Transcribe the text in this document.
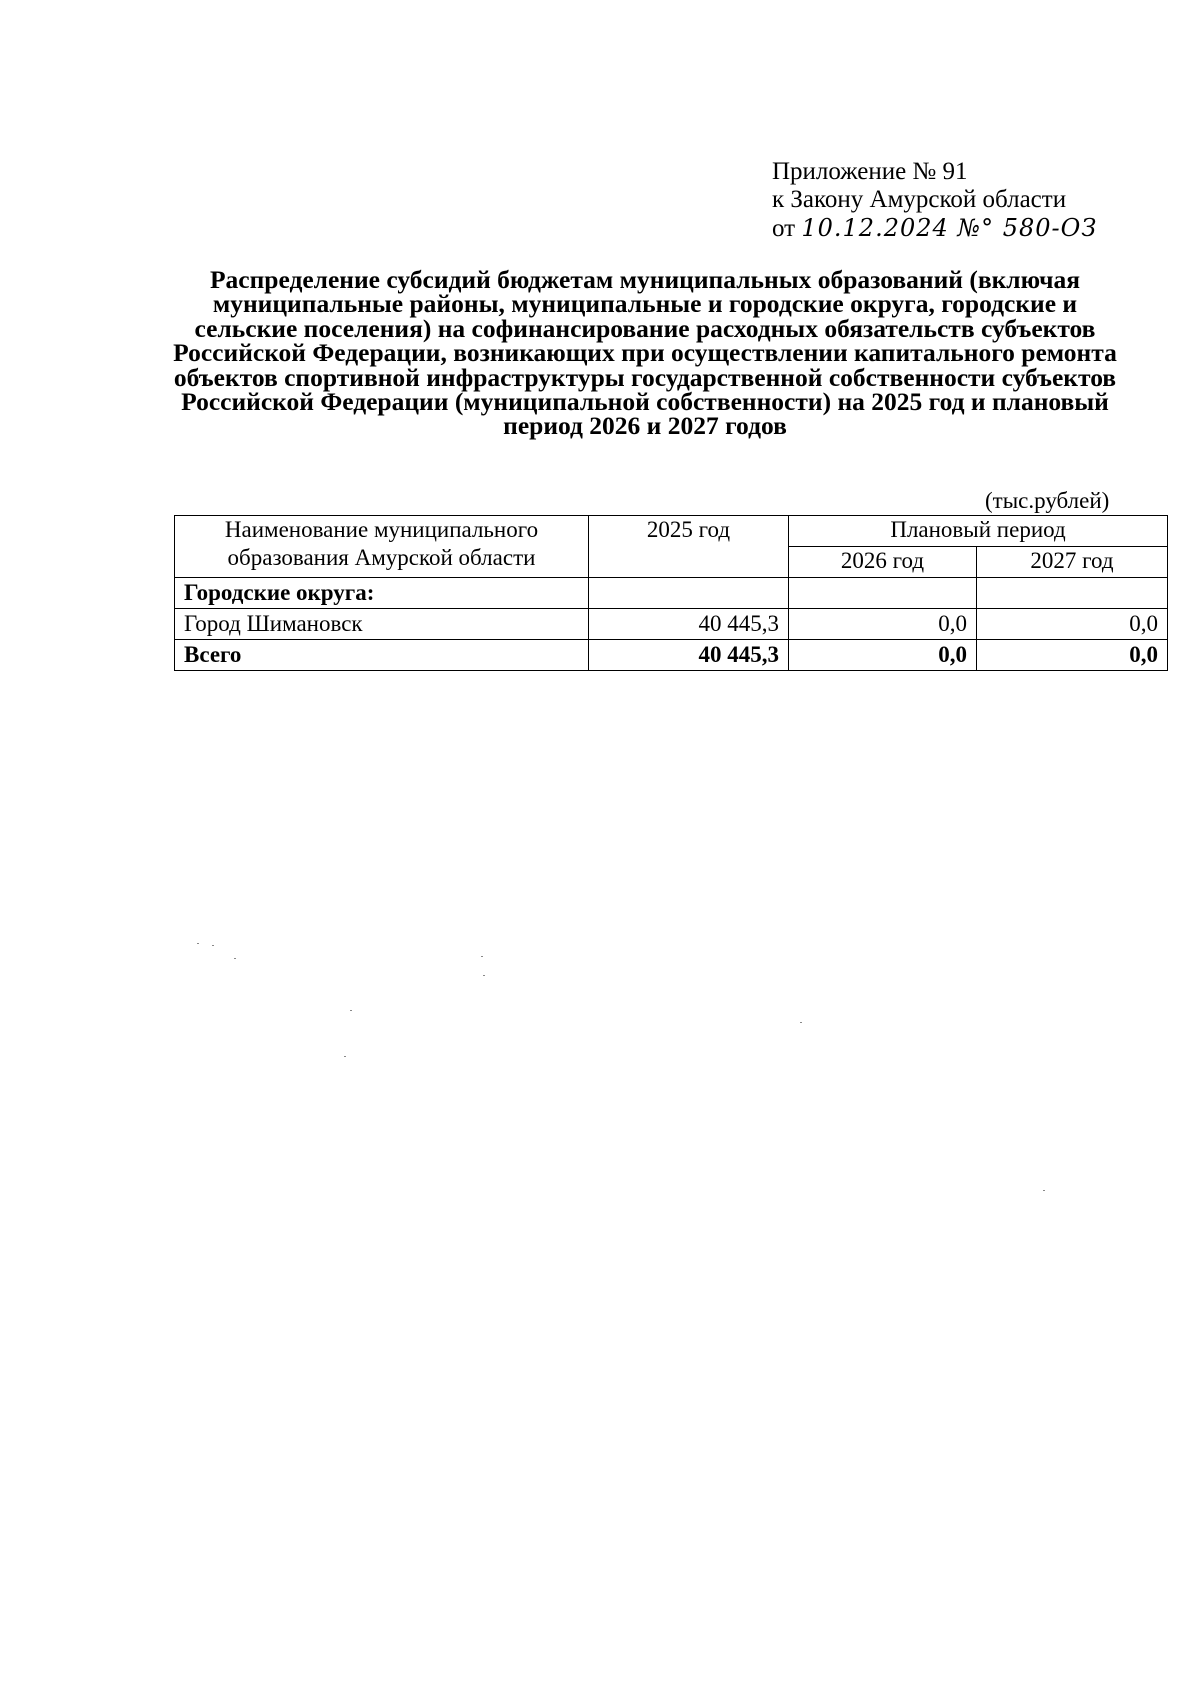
Приложение № 91
к Закону Амурской области
от 10.12.2024 №° 580-ОЗ
Распределение субсидий бюджетам муниципальных образований (включая муниципальные районы, муниципальные и городские округа, городские и сельские поселения) на софинансирование расходных обязательств субъектов Российской Федерации, возникающих при осуществлении капитального ремонта объектов спортивной инфраструктуры государственной собственности субъектов Российской Федерации (муниципальной собственности) на 2025 год и плановый период 2026 и 2027 годов
(тыс.рублей)
Наименование муниципального
образования Амурской области	2025 год	Плановый период	
		2026 год	2027 год
Городские округа:			
Город Шимановск	40 445,3	0,0	0,0
Всего	40 445,3	0,0	0,0
